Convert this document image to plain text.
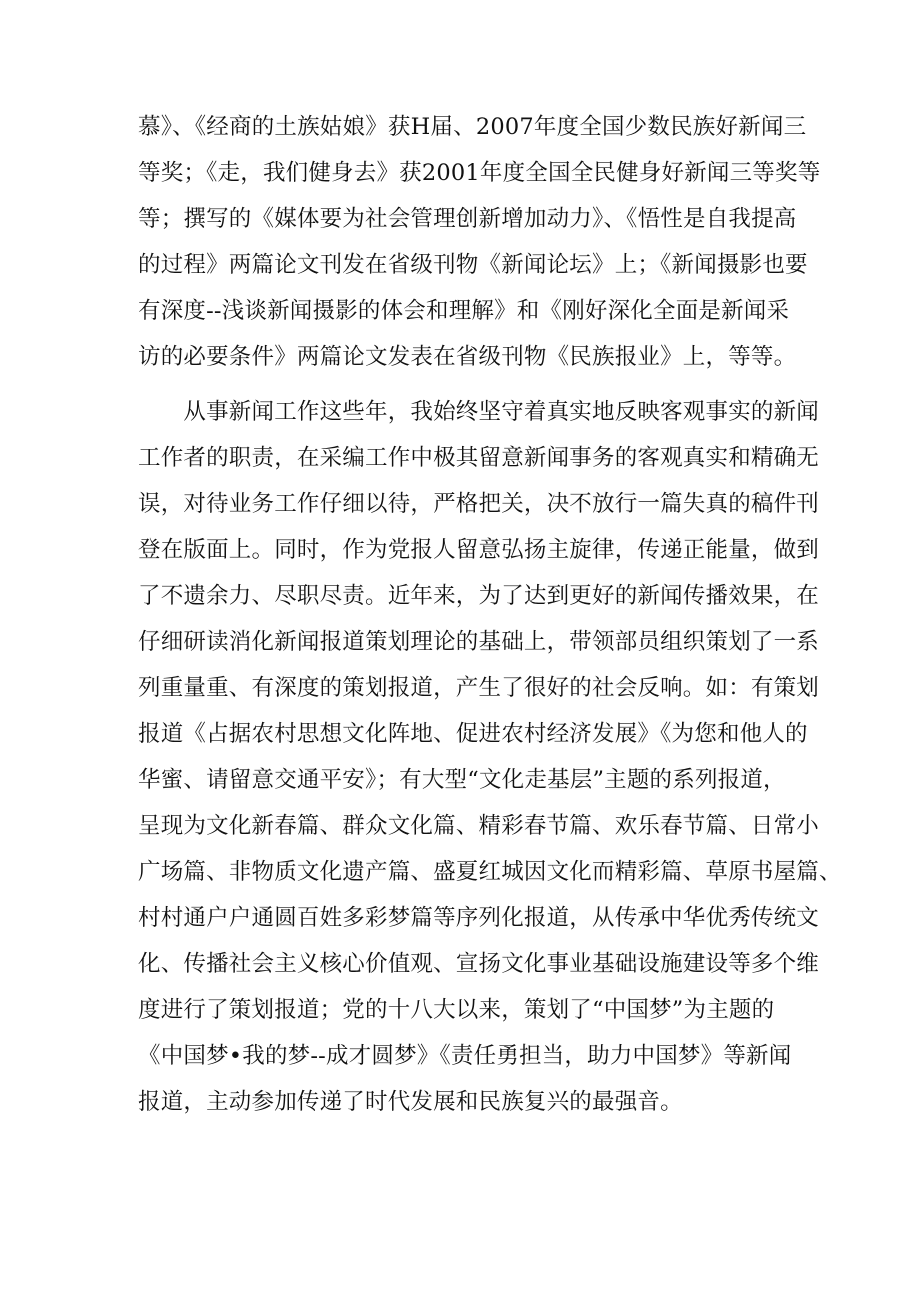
慕》、《经商的土族姑娘》获H届、2007年度全国少数民族好新闻三
等奖；《走，我们健身去》获2001年度全国全民健身好新闻三等奖等
等；撰写的《媒体要为社会管理创新增加动力》、《悟性是自我提高
的过程》两篇论文刊发在省级刊物《新闻论坛》上；《新闻摄影也要
有深度--浅谈新闻摄影的体会和理解》和《刚好深化全面是新闻采
访的必要条件》两篇论文发表在省级刊物《民族报业》上，等等。
　　从事新闻工作这些年，我始终坚守着真实地反映客观事实的新闻
工作者的职责，在采编工作中极其留意新闻事务的客观真实和精确无
误，对待业务工作仔细以待，严格把关，决不放行一篇失真的稿件刊
登在版面上。同时，作为党报人留意弘扬主旋律，传递正能量，做到
了不遗余力、尽职尽责。近年来，为了达到更好的新闻传播效果，在
仔细研读消化新闻报道策划理论的基础上，带领部员组织策划了一系
列重量重、有深度的策划报道，产生了很好的社会反响。如：有策划
报道《占据农村思想文化阵地、促进农村经济发展》《为您和他人的
华蜜、请留意交通平安》；有大型“文化走基层”主题的系列报道，
呈现为文化新春篇、群众文化篇、精彩春节篇、欢乐春节篇、日常小
广场篇、非物质文化遗产篇、盛夏红城因文化而精彩篇、草原书屋篇、
村村通户户通圆百姓多彩梦篇等序列化报道，从传承中华优秀传统文
化、传播社会主义核心价值观、宣扬文化事业基础设施建设等多个维
度进行了策划报道；党的十八大以来，策划了“中国梦”为主题的
《中国梦•我的梦--成才圆梦》《责任勇担当，助力中国梦》等新闻
报道，主动参加传递了时代发展和民族复兴的最强音。
